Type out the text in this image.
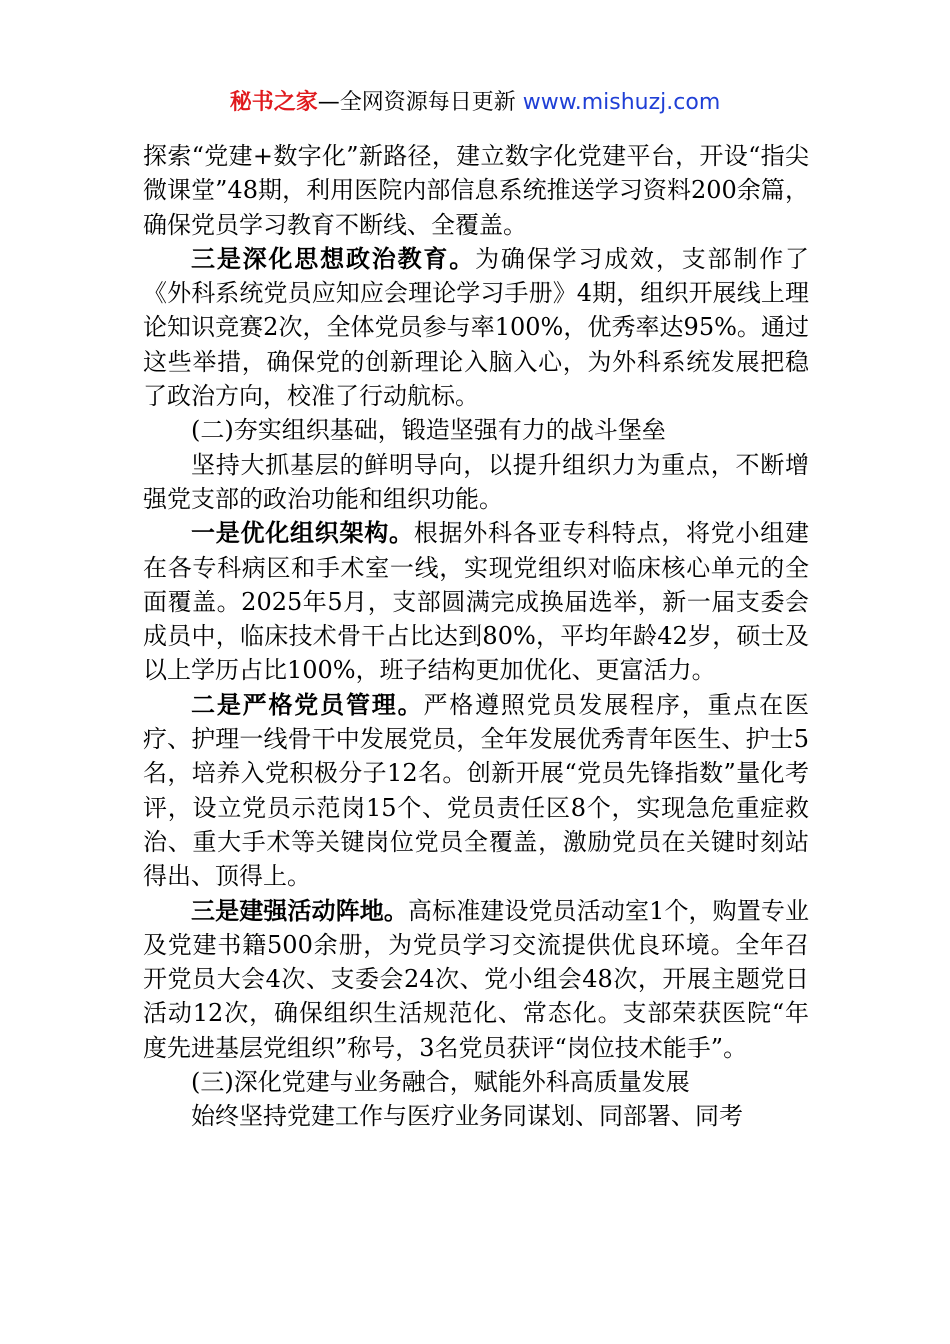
秘书之家—全网资源每日更新 www.mishuzj.com

探索“党建+数字化”新路径，建立数字化党建平台，开设“指尖微课堂”48期，利用医院内部信息系统推送学习资料200余篇，确保党员学习教育不断线、全覆盖。

三是深化思想政治教育。为确保学习成效，支部制作了《外科系统党员应知应会理论学习手册》4期，组织开展线上理论知识竞赛2次，全体党员参与率100%，优秀率达95%。通过这些举措，确保党的创新理论入脑入心，为外科系统发展把稳了政治方向，校准了行动航标。

(二)夯实组织基础，锻造坚强有力的战斗堡垒

坚持大抓基层的鲜明导向，以提升组织力为重点，不断增强党支部的政治功能和组织功能。

一是优化组织架构。根据外科各亚专科特点，将党小组建在各专科病区和手术室一线，实现党组织对临床核心单元的全面覆盖。2025年5月，支部圆满完成换届选举，新一届支委会成员中，临床技术骨干占比达到80%，平均年龄42岁，硕士及以上学历占比100%，班子结构更加优化、更富活力。

二是严格党员管理。严格遵照党员发展程序，重点在医疗、护理一线骨干中发展党员，全年发展优秀青年医生、护士5名，培养入党积极分子12名。创新开展“党员先锋指数”量化考评，设立党员示范岗15个、党员责任区8个，实现急危重症救治、重大手术等关键岗位党员全覆盖，激励党员在关键时刻站得出、顶得上。

三是建强活动阵地。高标准建设党员活动室1个，购置专业及党建书籍500余册，为党员学习交流提供优良环境。全年召开党员大会4次、支委会24次、党小组会48次，开展主题党日活动12次，确保组织生活规范化、常态化。支部荣获医院“年度先进基层党组织”称号，3名党员获评“岗位技术能手”。

(三)深化党建与业务融合，赋能外科高质量发展

始终坚持党建工作与医疗业务同谋划、同部署、同考
